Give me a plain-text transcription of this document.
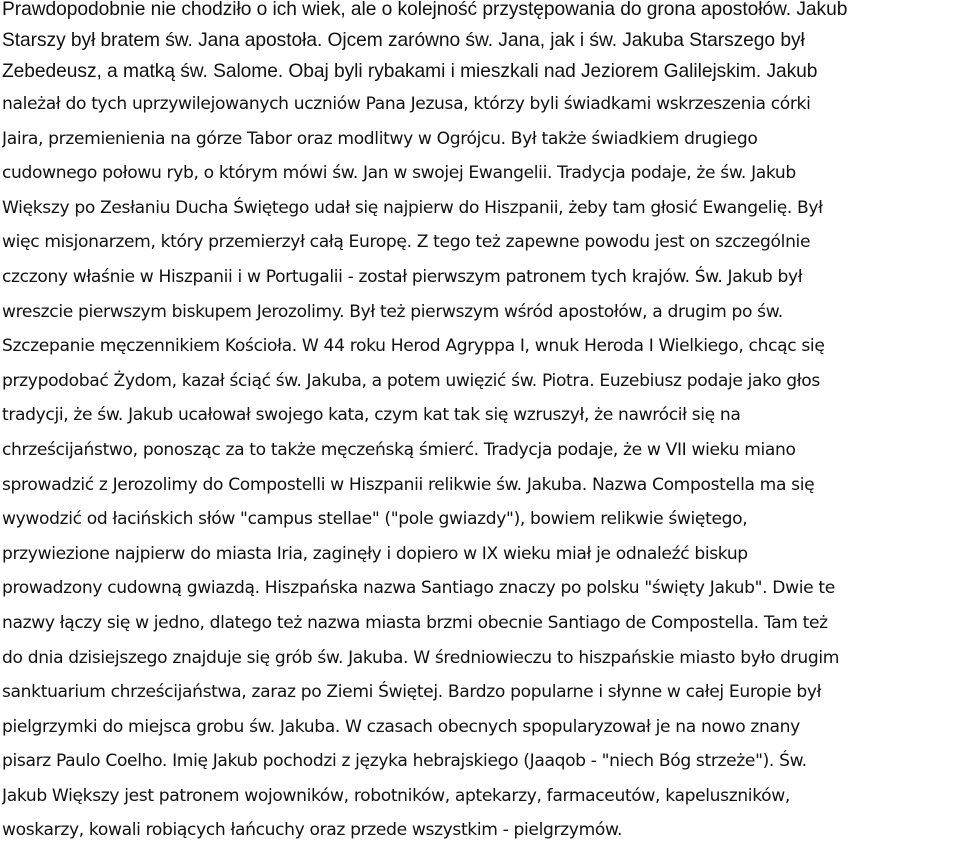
Prawdopodobnie nie chodziło o ich wiek, ale o kolejność przystępowania do grona apostołów. Jakub
Starszy był bratem św. Jana apostoła. Ojcem zarówno św. Jana, jak i św. Jakuba Starszego był
Zebedeusz, a matką św. Salome. Obaj byli rybakami i mieszkali nad Jeziorem Galilejskim. Jakub
należał do tych uprzywilejowanych uczniów Pana Jezusa, którzy byli świadkami wskrzeszenia córki
Jaira, przemienienia na górze Tabor oraz modlitwy w Ogrójcu. Był także świadkiem drugiego
cudownego połowu ryb, o którym mówi św. Jan w swojej Ewangelii. Tradycja podaje, że św. Jakub
Większy po Zesłaniu Ducha Świętego udał się najpierw do Hiszpanii, żeby tam głosić Ewangelię. Był
więc misjonarzem, który przemierzył całą Europę. Z tego też zapewne powodu jest on szczególnie
czczony właśnie w Hiszpanii i w Portugalii - został pierwszym patronem tych krajów. Św. Jakub był
wreszcie pierwszym biskupem Jerozolimy. Był też pierwszym wśród apostołów, a drugim po św.
Szczepanie męczennikiem Kościoła. W 44 roku Herod Agryppa I, wnuk Heroda I Wielkiego, chcąc się
przypodobać Żydom, kazał ściąć św. Jakuba, a potem uwięzić św. Piotra. Euzebiusz podaje jako głos
tradycji, że św. Jakub ucałował swojego kata, czym kat tak się wzruszył, że nawrócił się na
chrześcijaństwo, ponosząc za to także męczeńską śmierć. Tradycja podaje, że w VII wieku miano
sprowadzić z Jerozolimy do Compostelli w Hiszpanii relikwie św. Jakuba. Nazwa Compostella ma się
wywodzić od łacińskich słów "campus stellae" ("pole gwiazdy"), bowiem relikwie świętego,
przywiezione najpierw do miasta Iria, zaginęły i dopiero w IX wieku miał je odnaleźć biskup
prowadzony cudowną gwiazdą. Hiszpańska nazwa Santiago znaczy po polsku "święty Jakub". Dwie te
nazwy łączy się w jedno, dlatego też nazwa miasta brzmi obecnie Santiago de Compostella. Tam też
do dnia dzisiejszego znajduje się grób św. Jakuba. W średniowieczu to hiszpańskie miasto było drugim
sanktuarium chrześcijaństwa, zaraz po Ziemi Świętej. Bardzo popularne i słynne w całej Europie był
pielgrzymki do miejsca grobu św. Jakuba. W czasach obecnych spopularyzował je na nowo znany
pisarz Paulo Coelho. Imię Jakub pochodzi z języka hebrajskiego (Jaaqob - "niech Bóg strzeże"). Św.
Jakub Większy jest patronem wojowników, robotników, aptekarzy, farmaceutów, kapeluszników,
woskarzy, kowali robiących łańcuchy oraz przede wszystkim - pielgrzymów.
